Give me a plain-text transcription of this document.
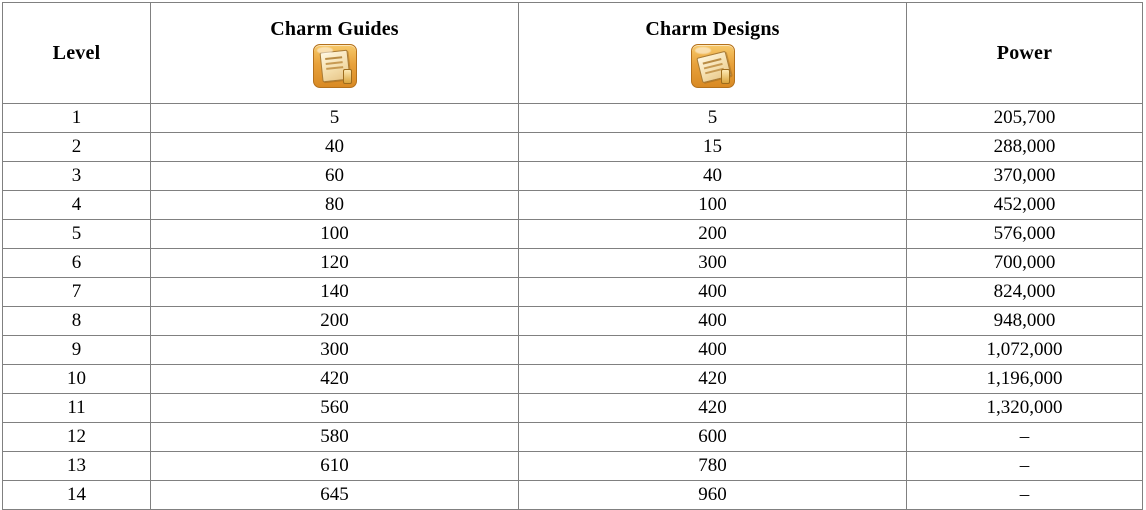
Level	Charm Guides	Charm Designs	Power
1	5	5	205,700
2	40	15	288,000
3	60	40	370,000
4	80	100	452,000
5	100	200	576,000
6	120	300	700,000
7	140	400	824,000
8	200	400	948,000
9	300	400	1,072,000
10	420	420	1,196,000
11	560	420	1,320,000
12	580	600	–
13	610	780	–
14	645	960	–
